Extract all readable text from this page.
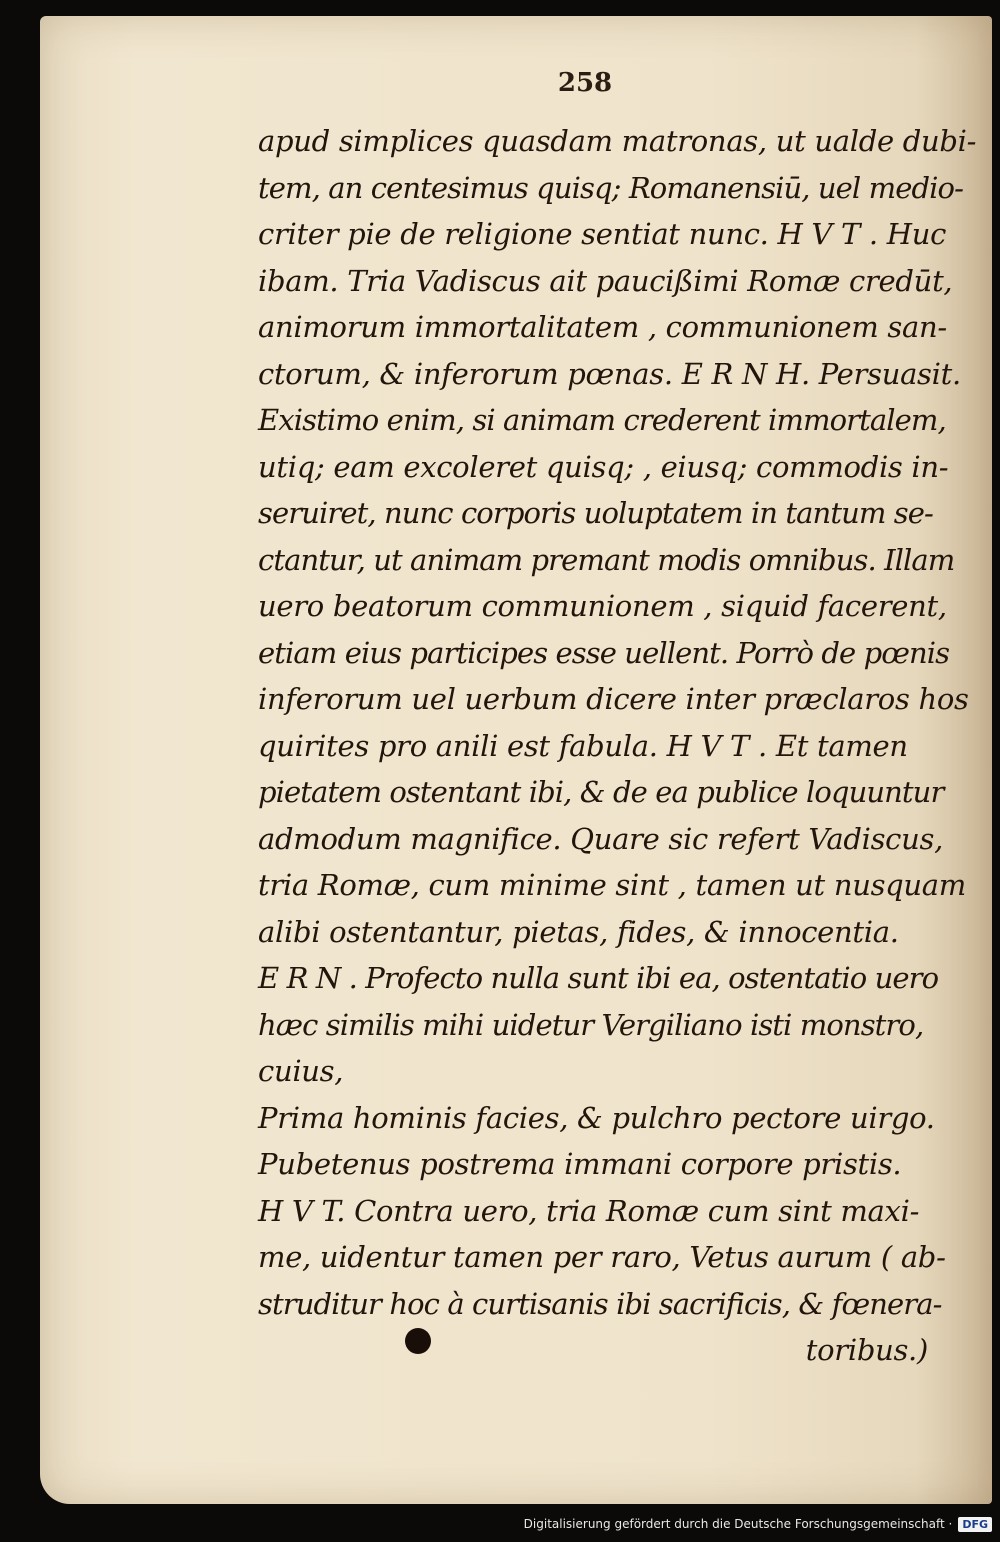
258
apud simplices quasdam matronas, ut ualde dubi-
tem, an centesimus quisq; Romanensiū, uel medio-
criter pie de religione sentiat nunc. H V T . Huc
ibam. Tria Vadiscus ait paucißimi Romæ credūt,
animorum immortalitatem , communionem san-
ctorum, & inferorum pœnas. E R N H. Persuasit.
Existimo enim, si animam crederent immortalem,
utiq; eam excoleret quisq; , eiusq; commodis in-
seruiret, nunc corporis uoluptatem in tantum se-
ctantur, ut animam premant modis omnibus. Illam
uero beatorum communionem , siquid facerent,
etiam eius participes esse uellent. Porrò de pœnis
inferorum uel uerbum dicere inter præclaros hos
quirites pro anili est fabula. H V T . Et tamen
pietatem ostentant ibi, & de ea publice loquuntur
admodum magnifice. Quare sic refert Vadiscus,
tria Romæ, cum minime sint , tamen ut nusquam
alibi ostentantur, pietas, fides, & innocentia.
E R N . Profecto nulla sunt ibi ea, ostentatio uero
hæc similis mihi uidetur Vergiliano isti monstro,
cuius,
Prima hominis facies, & pulchro pectore uirgo.
Pubetenus postrema immani corpore pristis.
H V T. Contra uero, tria Romæ cum sint maxi-
me, uidentur tamen per raro, Vetus aurum ( ab-
struditur hoc à curtisanis ibi sacrificis, & fœnera-
toribus.)
Digitalisierung gefördert durch die Deutsche Forschungsgemeinschaft · DFG
